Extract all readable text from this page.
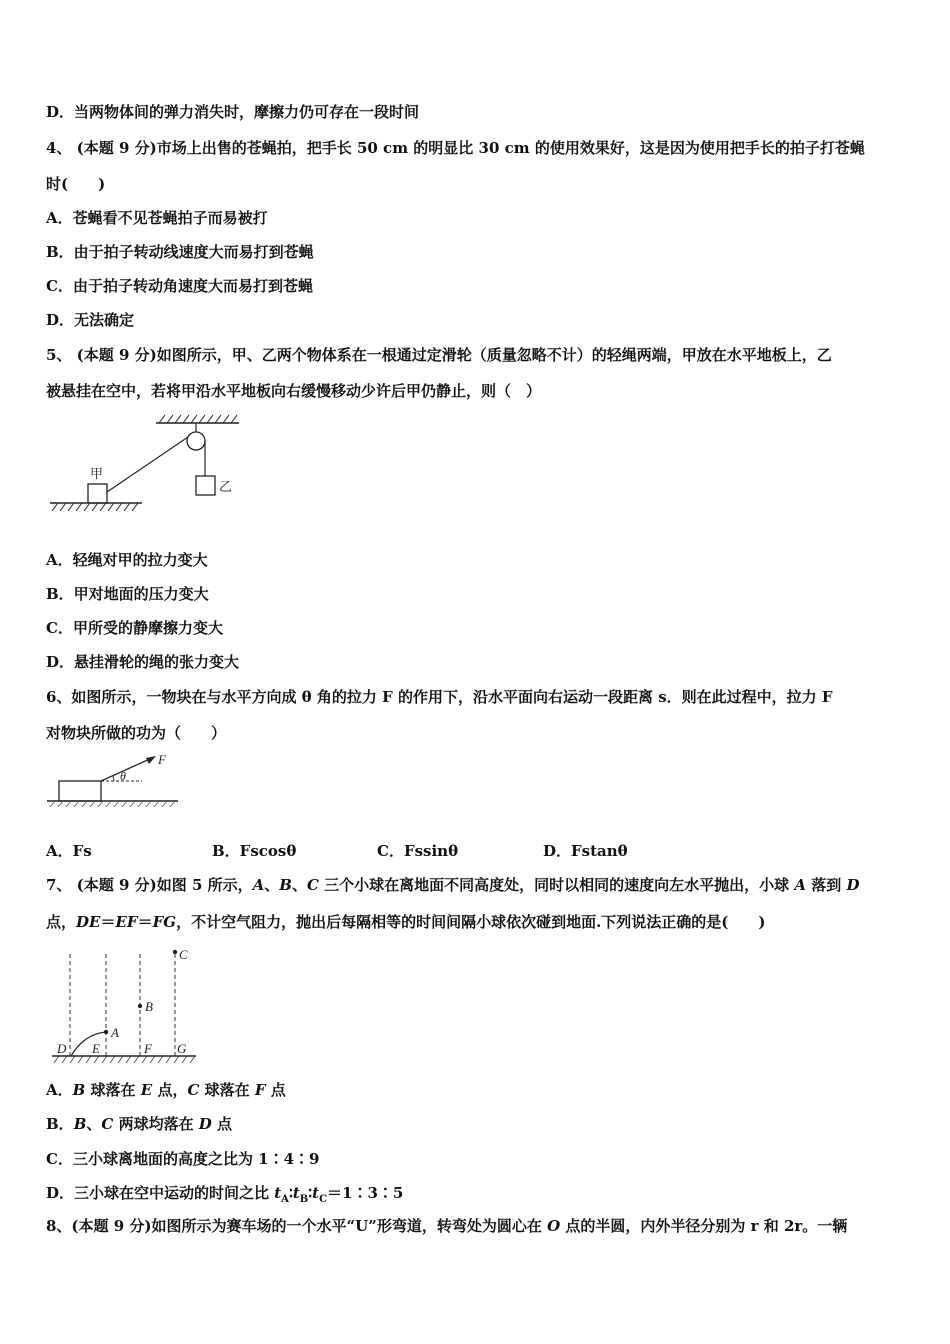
D．当两物体间的弹力消失时，摩擦力仍可存在一段时间
4、 (本题 9 分)市场上出售的苍蝇拍，把手长 50 cm 的明显比 30 cm 的使用效果好，这是因为使用把手长的拍子打苍蝇
时(　　)
A．苍蝇看不见苍蝇拍子而易被打
B．由于拍子转动线速度大而易打到苍蝇
C．由于拍子转动角速度大而易打到苍蝇
D．无法确定
5、 (本题 9 分)如图所示，甲、乙两个物体系在一根通过定滑轮（质量忽略不计）的轻绳两端，甲放在水平地板上，乙
被悬挂在空中，若将甲沿水平地板向右缓慢移动少许后甲仍静止，则（　）
甲
乙
A．轻绳对甲的拉力变大
B．甲对地面的压力变大
C．甲所受的静摩擦力变大
D．悬挂滑轮的绳的张力变大
6、如图所示，一物块在与水平方向成 θ 角的拉力 F 的作用下，沿水平面向右运动一段距离 s．则在此过程中，拉力 F
对物块所做的功为（　　）
F
θ
A．Fs	B．Fscosθ	C．Fssinθ	D．Fstanθ
7、 (本题 9 分)如图 5 所示，A、B、C 三个小球在离地面不同高度处，同时以相同的速度向左水平抛出，小球 A 落到 D
点，DE＝EF＝FG，不计空气阻力，抛出后每隔相等的时间间隔小球依次碰到地面.下列说法正确的是(　　)
A
B
C
D E	F G
A．B 球落在 E 点，C 球落在 F 点
B．B、C 两球均落在 D 点
C．三小球离地面的高度之比为 1∶4∶9
D．三小球在空中运动的时间之比 $t_A∶t_B∶t_C=1∶3∶5$
8、(本题 9 分)如图所示为赛车场的一个水平“U”形弯道，转弯处为圆心在 O 点的半圆，内外半径分别为 r 和 2r。一辆
